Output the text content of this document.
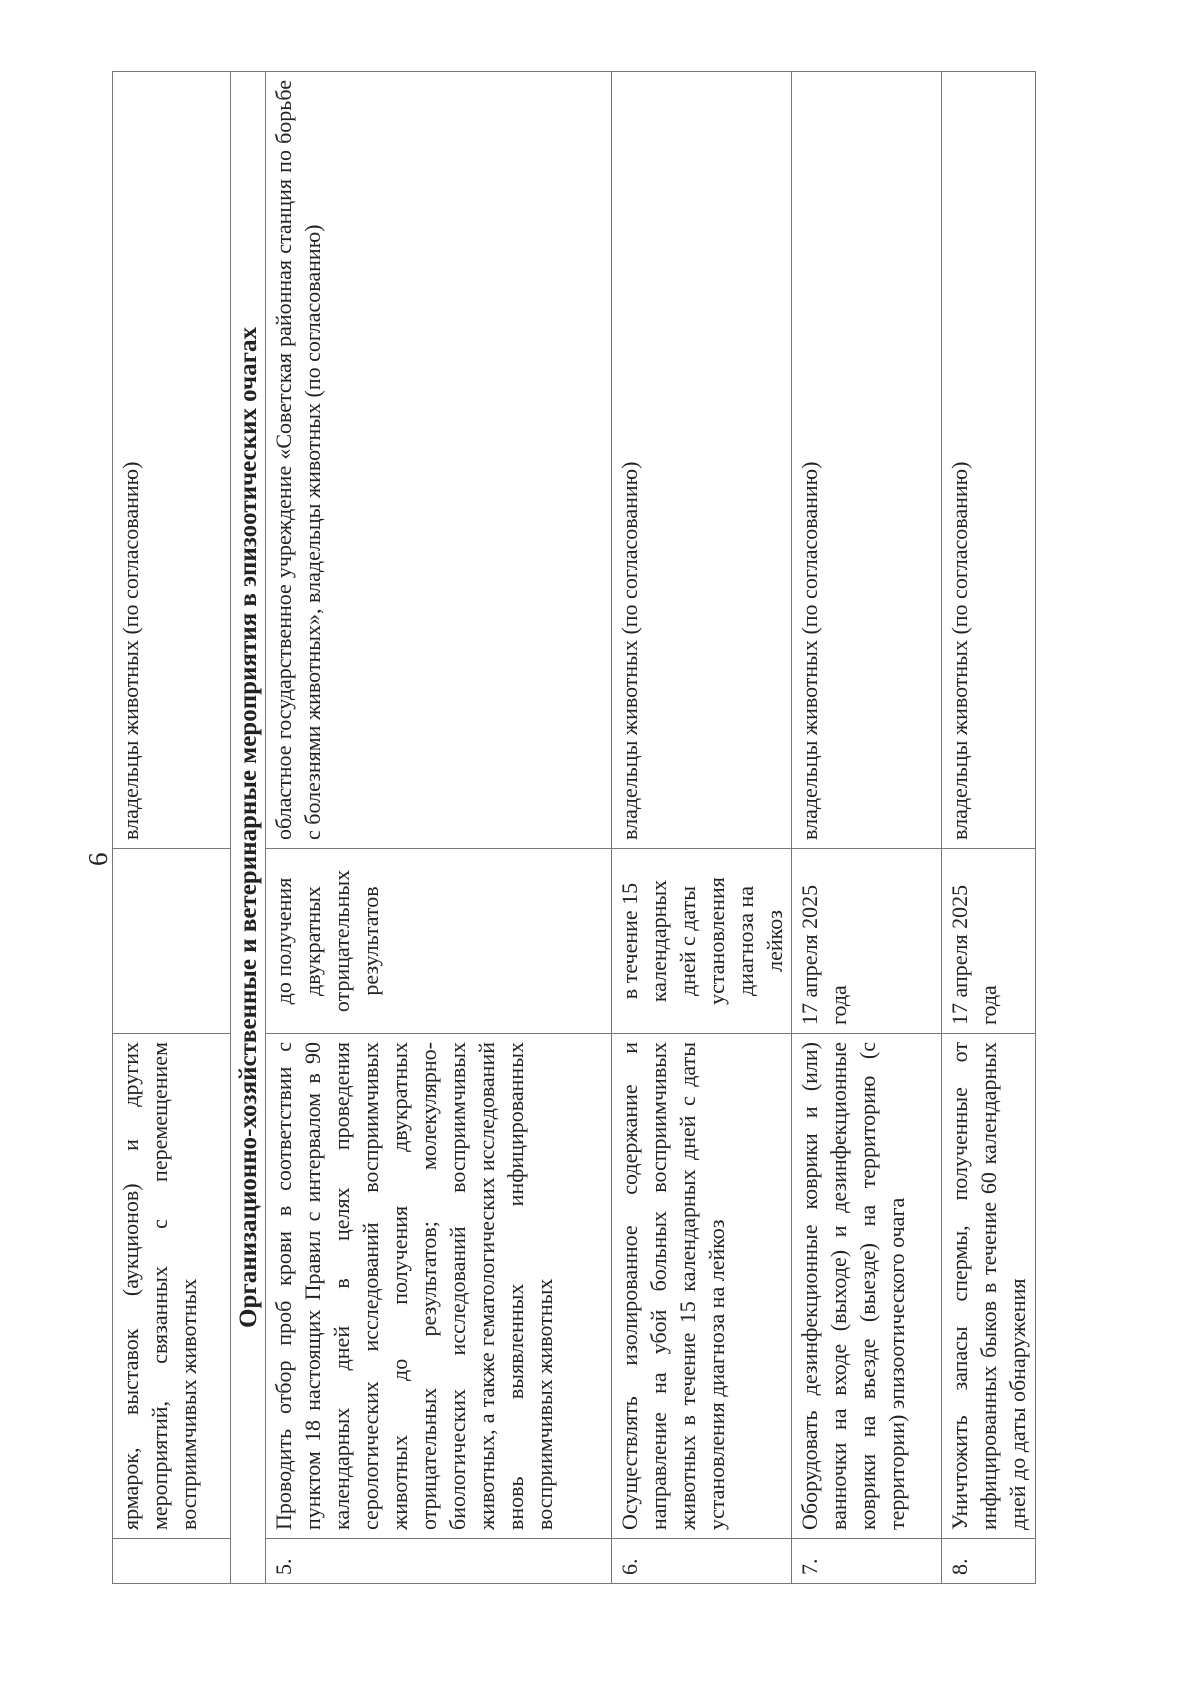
6
	ярмарок, выставок (аукционов) и других мероприятий, связанных с перемещением восприимчивых животных		владельцы животных (по согласованию)
Организационно-хозяйственные и ветеринарные мероприятия в эпизоотических очагах			
5.	Проводить отбор проб крови в соответствии с пунктом 18 настоящих Правил с интервалом в 90 календарных дней в целях проведения серологических исследований восприимчивых животных до получения двукратных отрицательных результатов; молекулярно-биологических исследований восприимчивых животных, а также гематологических исследований вновь выявленных инфицированных восприимчивых животных	до получения двукратных отрицательных результатов	областное государственное учреждение «Советская районная станция по борьбе с болезнями животных», владельцы животных (по согласованию)
6.	Осуществлять изолированное содержание и направление на убой больных восприимчивых животных в течение 15 календарных дней с даты установления диагноза на лейкоз	в течение 15 календарных дней с даты установления диагноза на лейкоз	владельцы животных (по согласованию)
7.	Оборудовать дезинфекционные коврики и (или) ванночки на входе (выходе) и дезинфекционные коврики на въезде (выезде) на территорию (с территории) эпизоотического очага	17 апреля 2025 года	владельцы животных (по согласованию)
8.	Уничтожить запасы спермы, полученные от инфицированных быков в течение 60 календарных дней до даты обнаружения	17 апреля 2025 года	владельцы животных (по согласованию)
